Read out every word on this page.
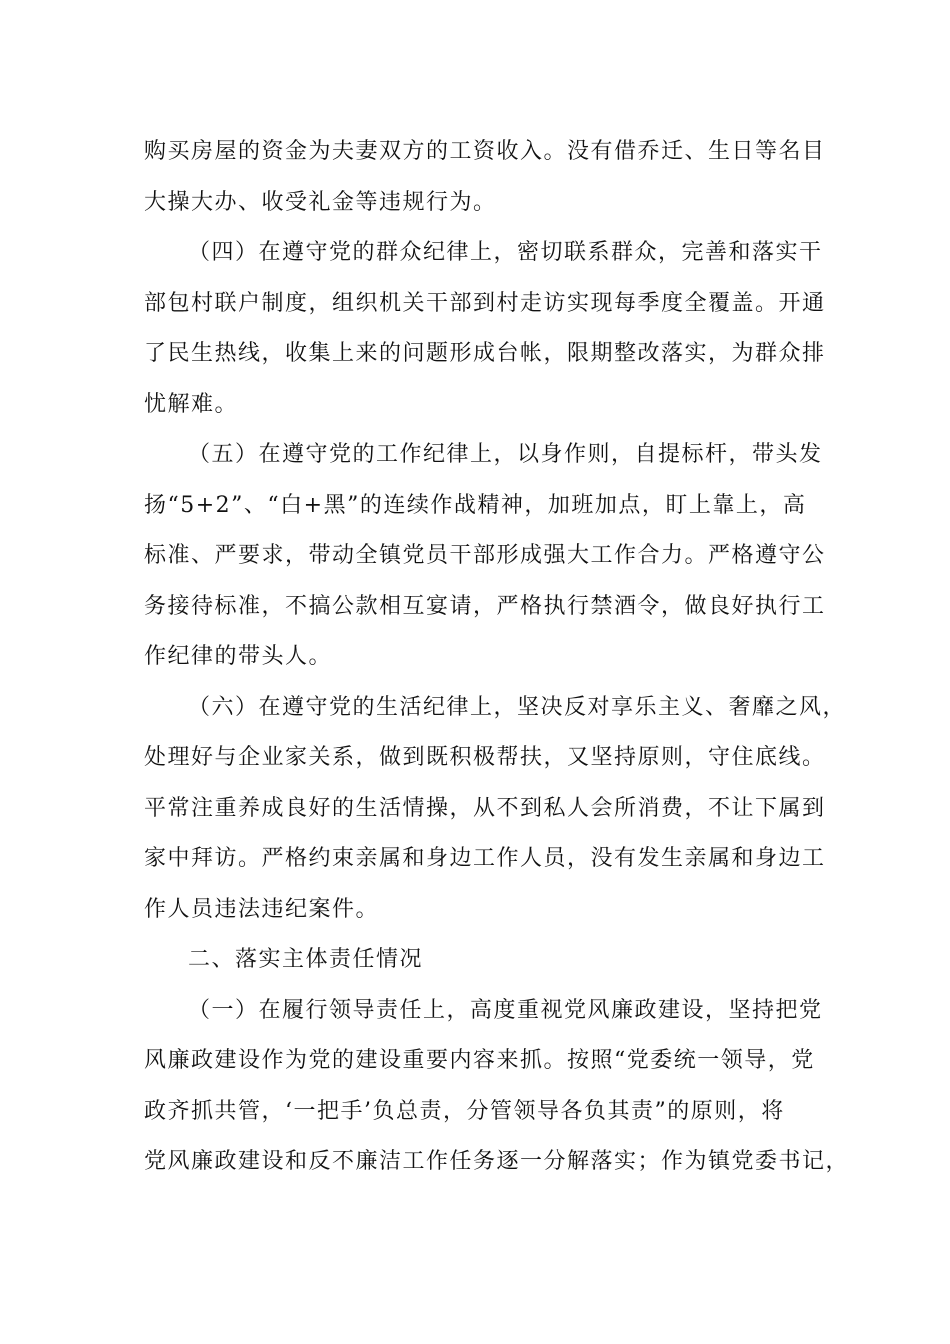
购买房屋的资金为夫妻双方的工资收入。没有借乔迁、生日等名目
大操大办、收受礼金等违规行为。
（四）在遵守党的群众纪律上，密切联系群众，完善和落实干
部包村联户制度，组织机关干部到村走访实现每季度全覆盖。开通
了民生热线，收集上来的问题形成台帐，限期整改落实，为群众排
忧解难。
（五）在遵守党的工作纪律上，以身作则，自提标杆，带头发
扬“5+2”、“白+黑”的连续作战精神，加班加点，盯上靠上，高
标准、严要求，带动全镇党员干部形成强大工作合力。严格遵守公
务接待标准，不搞公款相互宴请，严格执行禁酒令，做良好执行工
作纪律的带头人。
（六）在遵守党的生活纪律上，坚决反对享乐主义、奢靡之风，
处理好与企业家关系，做到既积极帮扶，又坚持原则，守住底线。
平常注重养成良好的生活情操，从不到私人会所消费，不让下属到
家中拜访。严格约束亲属和身边工作人员，没有发生亲属和身边工
作人员违法违纪案件。
二、落实主体责任情况
（一）在履行领导责任上，高度重视党风廉政建设，坚持把党
风廉政建设作为党的建设重要内容来抓。按照“党委统一领导，党
政齐抓共管，‘一把手’负总责，分管领导各负其责”的原则，将
党风廉政建设和反不廉洁工作任务逐一分解落实；作为镇党委书记，
